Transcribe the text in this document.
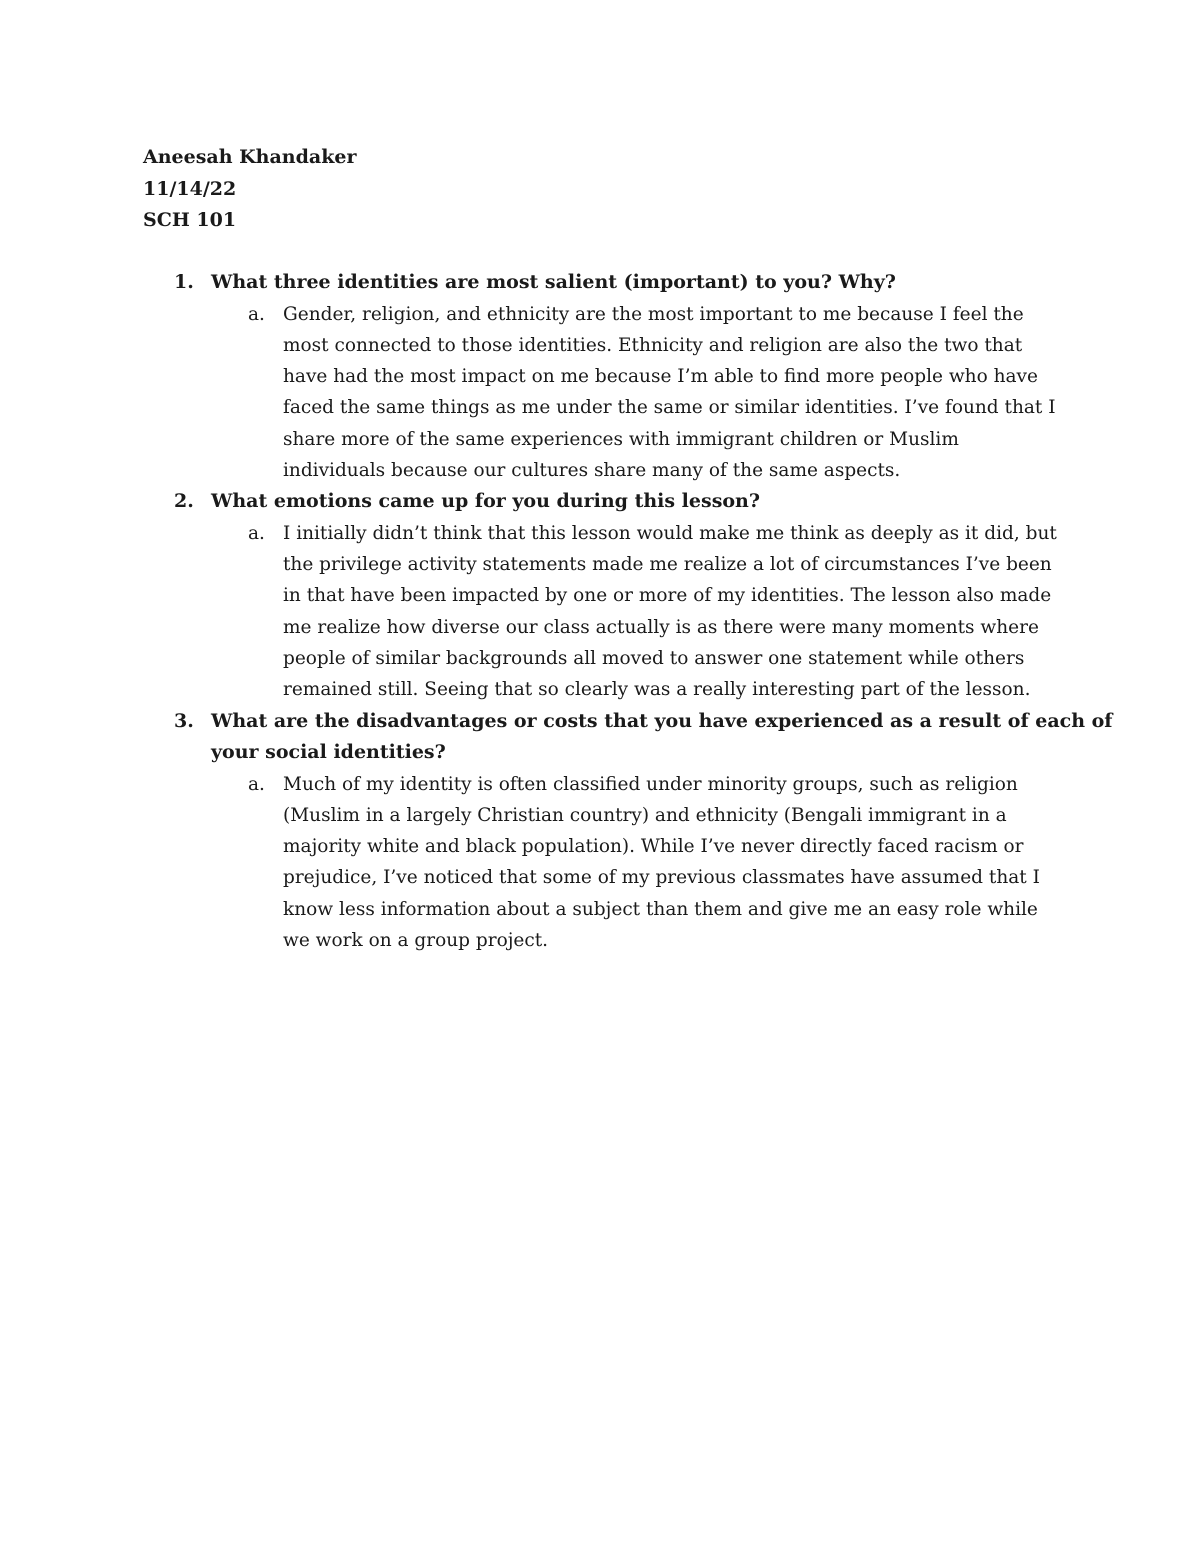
Aneesah Khandaker
11/14/22
SCH 101
1. What three identities are most salient (important) to you? Why?
a. Gender, religion, and ethnicity are the most important to me because I feel the
most connected to those identities. Ethnicity and religion are also the two that
have had the most impact on me because I’m able to find more people who have
faced the same things as me under the same or similar identities. I’ve found that I
share more of the same experiences with immigrant children or Muslim
individuals because our cultures share many of the same aspects.
2. What emotions came up for you during this lesson?
a. I initially didn’t think that this lesson would make me think as deeply as it did, but
the privilege activity statements made me realize a lot of circumstances I’ve been
in that have been impacted by one or more of my identities. The lesson also made
me realize how diverse our class actually is as there were many moments where
people of similar backgrounds all moved to answer one statement while others
remained still. Seeing that so clearly was a really interesting part of the lesson.
3. What are the disadvantages or costs that you have experienced as a result of each of
your social identities?
a. Much of my identity is often classified under minority groups, such as religion
(Muslim in a largely Christian country) and ethnicity (Bengali immigrant in a
majority white and black population). While I’ve never directly faced racism or
prejudice, I’ve noticed that some of my previous classmates have assumed that I
know less information about a subject than them and give me an easy role while
we work on a group project.
